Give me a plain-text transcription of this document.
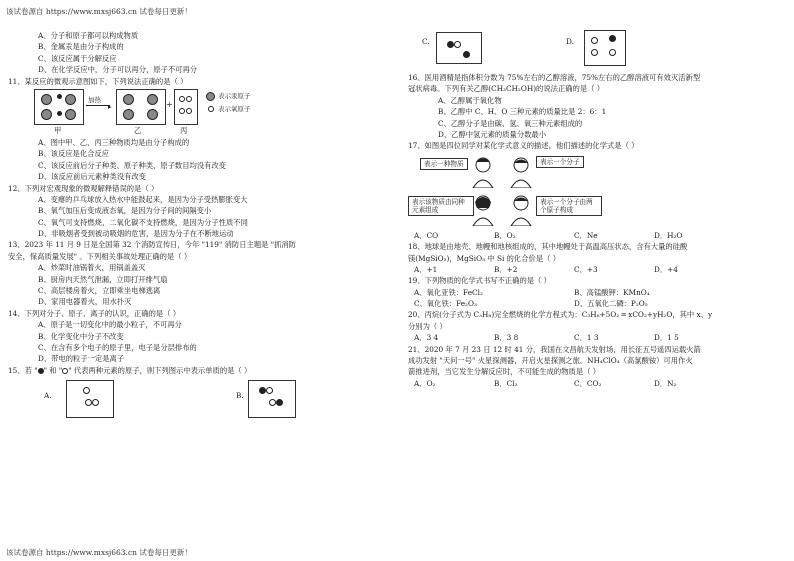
该试卷源自 https://www.mxsj663.cn 试卷每日更新！
A、分子和原子都可以构成物质
B、金属汞是由分子构成的
C、该反应属于分解反应
D、在化学反应中，分子可以再分，原子不可再分
11、某反应的微观示意图如下，下列说法正确的是（ ）
加热
▸	+
表示汞原子
表示氧原子
甲	乙	丙
A、图中甲、乙、丙三种物质均是由分子构成的
B、该反应是化合反应
C、该反应前后分子种类、原子种类、原子数目均没有改变
D、该反应前后元素种类没有改变
12、下列对宏观现象的微观解释错误的是（ ）
A、变瘪的乒乓球放入热水中能鼓起来，是因为分子受热膨胀变大
B、氧气加压后变成液态氧，是因为分子间的间隔变小
C、氧气可支持燃烧，二氧化碳不支持燃烧，是因为分子性质不同
D、非吸烟者受到被动吸烟的危害，是因为分子在不断地运动
13、2023 年 11 月 9 日是全国第 32 个消防宣传日，今年 "119" 消防日主题是 "抓消防
安全，保高质量发展" 。下列相关事故处理正确的是（ ）
A、炒菜时油锅着火，用锅盖盖灭
B、厨房内天然气泄漏，立即打开排气扇
C、高层楼房着火，立即乘坐电梯逃离
D、家用电器着火，用水扑灭
14、下列对分子、原子、离子的认识，正确的是（ ）
A、原子是一切变化中的最小粒子，不可再分
B、化学变化中分子不改变
C、在含有多个电子的原子里，电子是分层排布的
D、带电的粒子一定是离子
15、若 " " 和 " " 代表两种元素的原子，则下列图示中表示单质的是（ ）
A.	B.
C.	D.
16、医用酒精是指体积分数为 75%左右的乙醇溶液，75%左右的乙醇溶液可有效灭活新型
冠状病毒。下列有关乙醇(CH₃CH₂OH)的说法正确的是（ ）
A、乙醇属于氧化物
B、乙醇中 C、H、O 三种元素的质量比是 2：6：1
C、乙醇分子是由碳、氢、氧三种元素组成的
D、乙醇中氢元素的质量分数最小
17、如图是四位同学对某化学式意义的描述，他们描述的化学式是（ ）
表示一种物质	表示一个分子
表示该物质由同种元素组成
表示一个分子由两个原子构成
A．CO	B．O₂	C．Ne	D．H₂O
18、地球是由地壳、地幔和地核组成的，其中地幔处于高温高压状态，含有大量的硅酸
镁(MgSiO₃)，MgSiO₃ 中 Si 的化合价是（ ）
A．+1	B．+2	C．+3	D．+4
19、下列物质的化学式书写不正确的是（ ）
A、氧化亚铁：FeCl₂	B、高锰酸钾：KMnO₄
C、氧化铁：Fe₂O₃	D、五氧化二磷：P₂O₅
20、丙烷(分子式为 C₃H₈)完全燃烧的化学方程式为：C₃H₈+5O₂ ═ xCO₂+yH₂O，其中 x、y
分别为（ ）
A．3 4	B．3 8	C．1 3	D．1 5
21、2020 年 7 月 23 日 12 时 41 分，我国在文昌航天发射场，用长征五号遥四运载火箭
成功发射 "天问一号" 火星探测器，开启火星探测之旅。NH₄ClO₄（高氯酸铵）可用作火
箭推进剂，当它发生分解反应时，不可能生成的物质是（ ）
A．O₂	B．Cl₂	C．CO₂	D．N₂
该试卷源自 https://www.mxsj663.cn 试卷每日更新！
